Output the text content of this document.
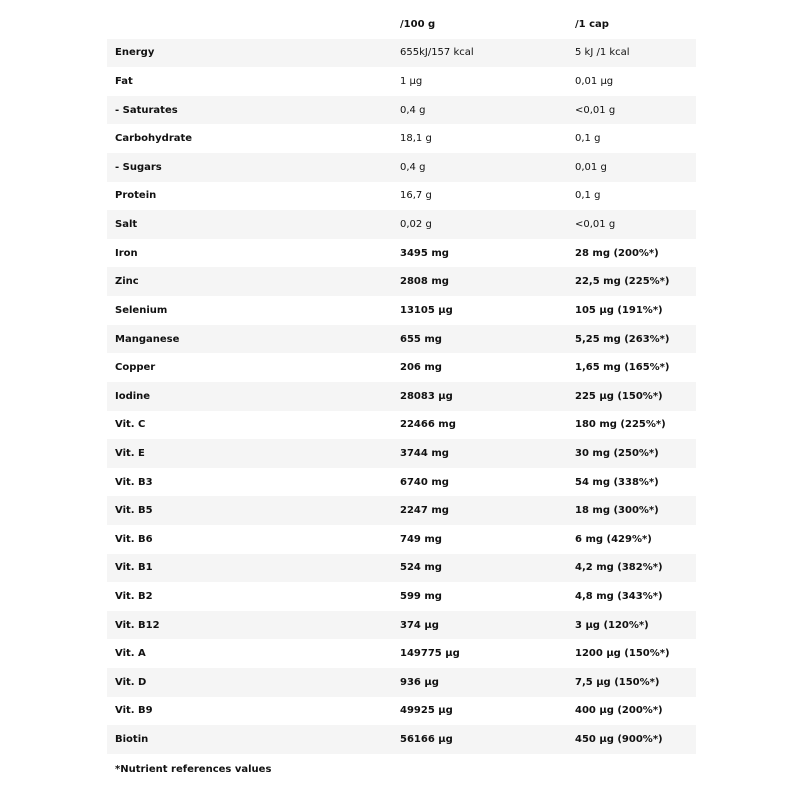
	/100 g	/1 cap
Energy	655kJ/157 kcal	5 kJ /1 kcal
Fat	1 µg	0,01 µg
- Saturates	0,4 g	<0,01 g
Carbohydrate	18,1 g	0,1 g
- Sugars	0,4 g	0,01 g
Protein	16,7 g	0,1 g
Salt	0,02 g	<0,01 g
Iron	3495 mg	28 mg (200%*)
Zinc	2808 mg	22,5 mg (225%*)
Selenium	13105 µg	105 µg (191%*)
Manganese	655 mg	5,25 mg (263%*)
Copper	206 mg	1,65 mg (165%*)
Iodine	28083 µg	225 µg (150%*)
Vit. C	22466 mg	180 mg (225%*)
Vit. E	3744 mg	30 mg (250%*)
Vit. B3	6740 mg	54 mg (338%*)
Vit. B5	2247 mg	18 mg (300%*)
Vit. B6	749 mg	6 mg (429%*)
Vit. B1	524 mg	4,2 mg (382%*)
Vit. B2	599 mg	4,8 mg (343%*)
Vit. B12	374 µg	3 µg (120%*)
Vit. A	149775 µg	1200 µg (150%*)
Vit. D	936 µg	7,5 µg (150%*)
Vit. B9	49925 µg	400 µg (200%*)
Biotin	56166 µg	450 µg (900%*)
*Nutrient references values
